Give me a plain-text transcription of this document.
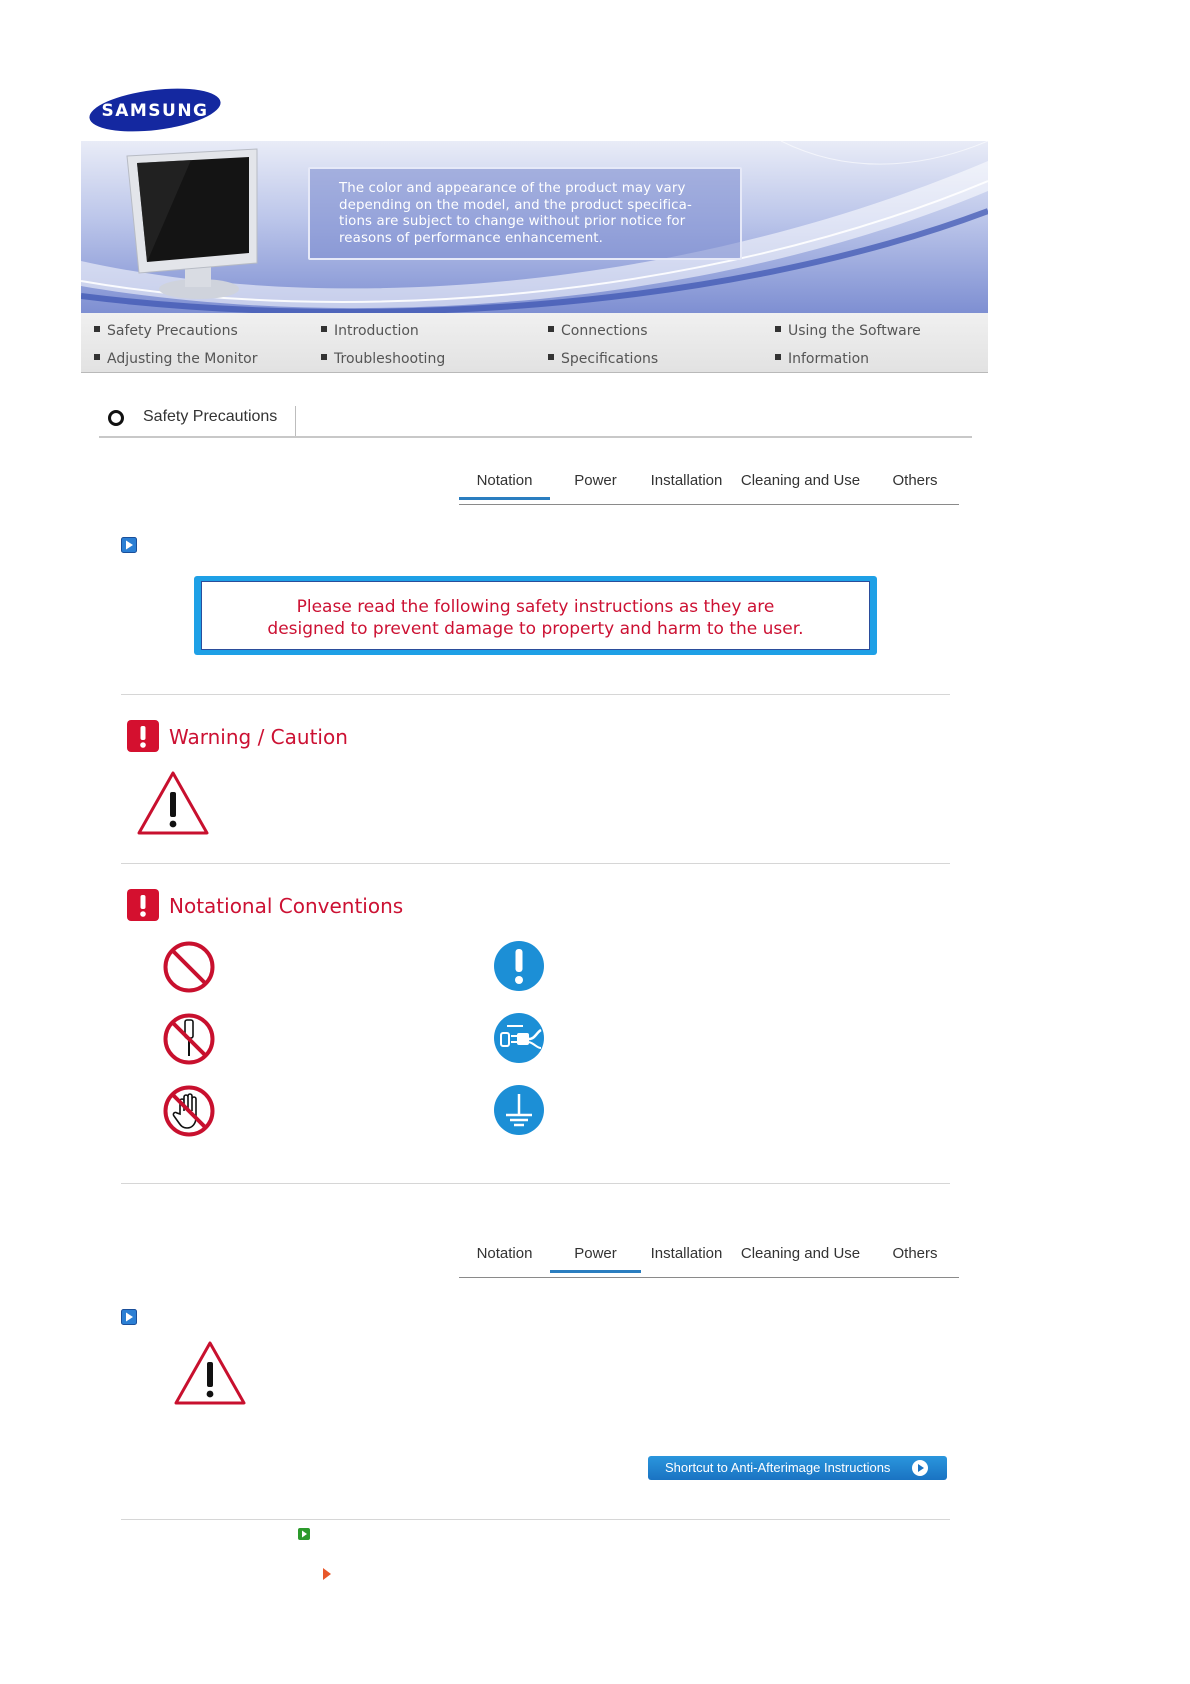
SAMSUNG

The color and appearance of the product may vary
depending on the model, and the product specifica-
tions are subject to change without prior notice for
reasons of performance enhancement.

Safety Precautions	Introduction	Connections	Using the Software
Adjusting the Monitor	Troubleshooting	Specifications	Information
Safety Precautions
Notation	Power	Installation	Cleaning and Use	Others
Please read the following safety instructions as they are
designed to prevent damage to property and harm to the user.
Warning / Caution
Notational Conventions
Notation	Power	Installation	Cleaning and Use	Others
Shortcut to Anti-Afterimage Instructions
